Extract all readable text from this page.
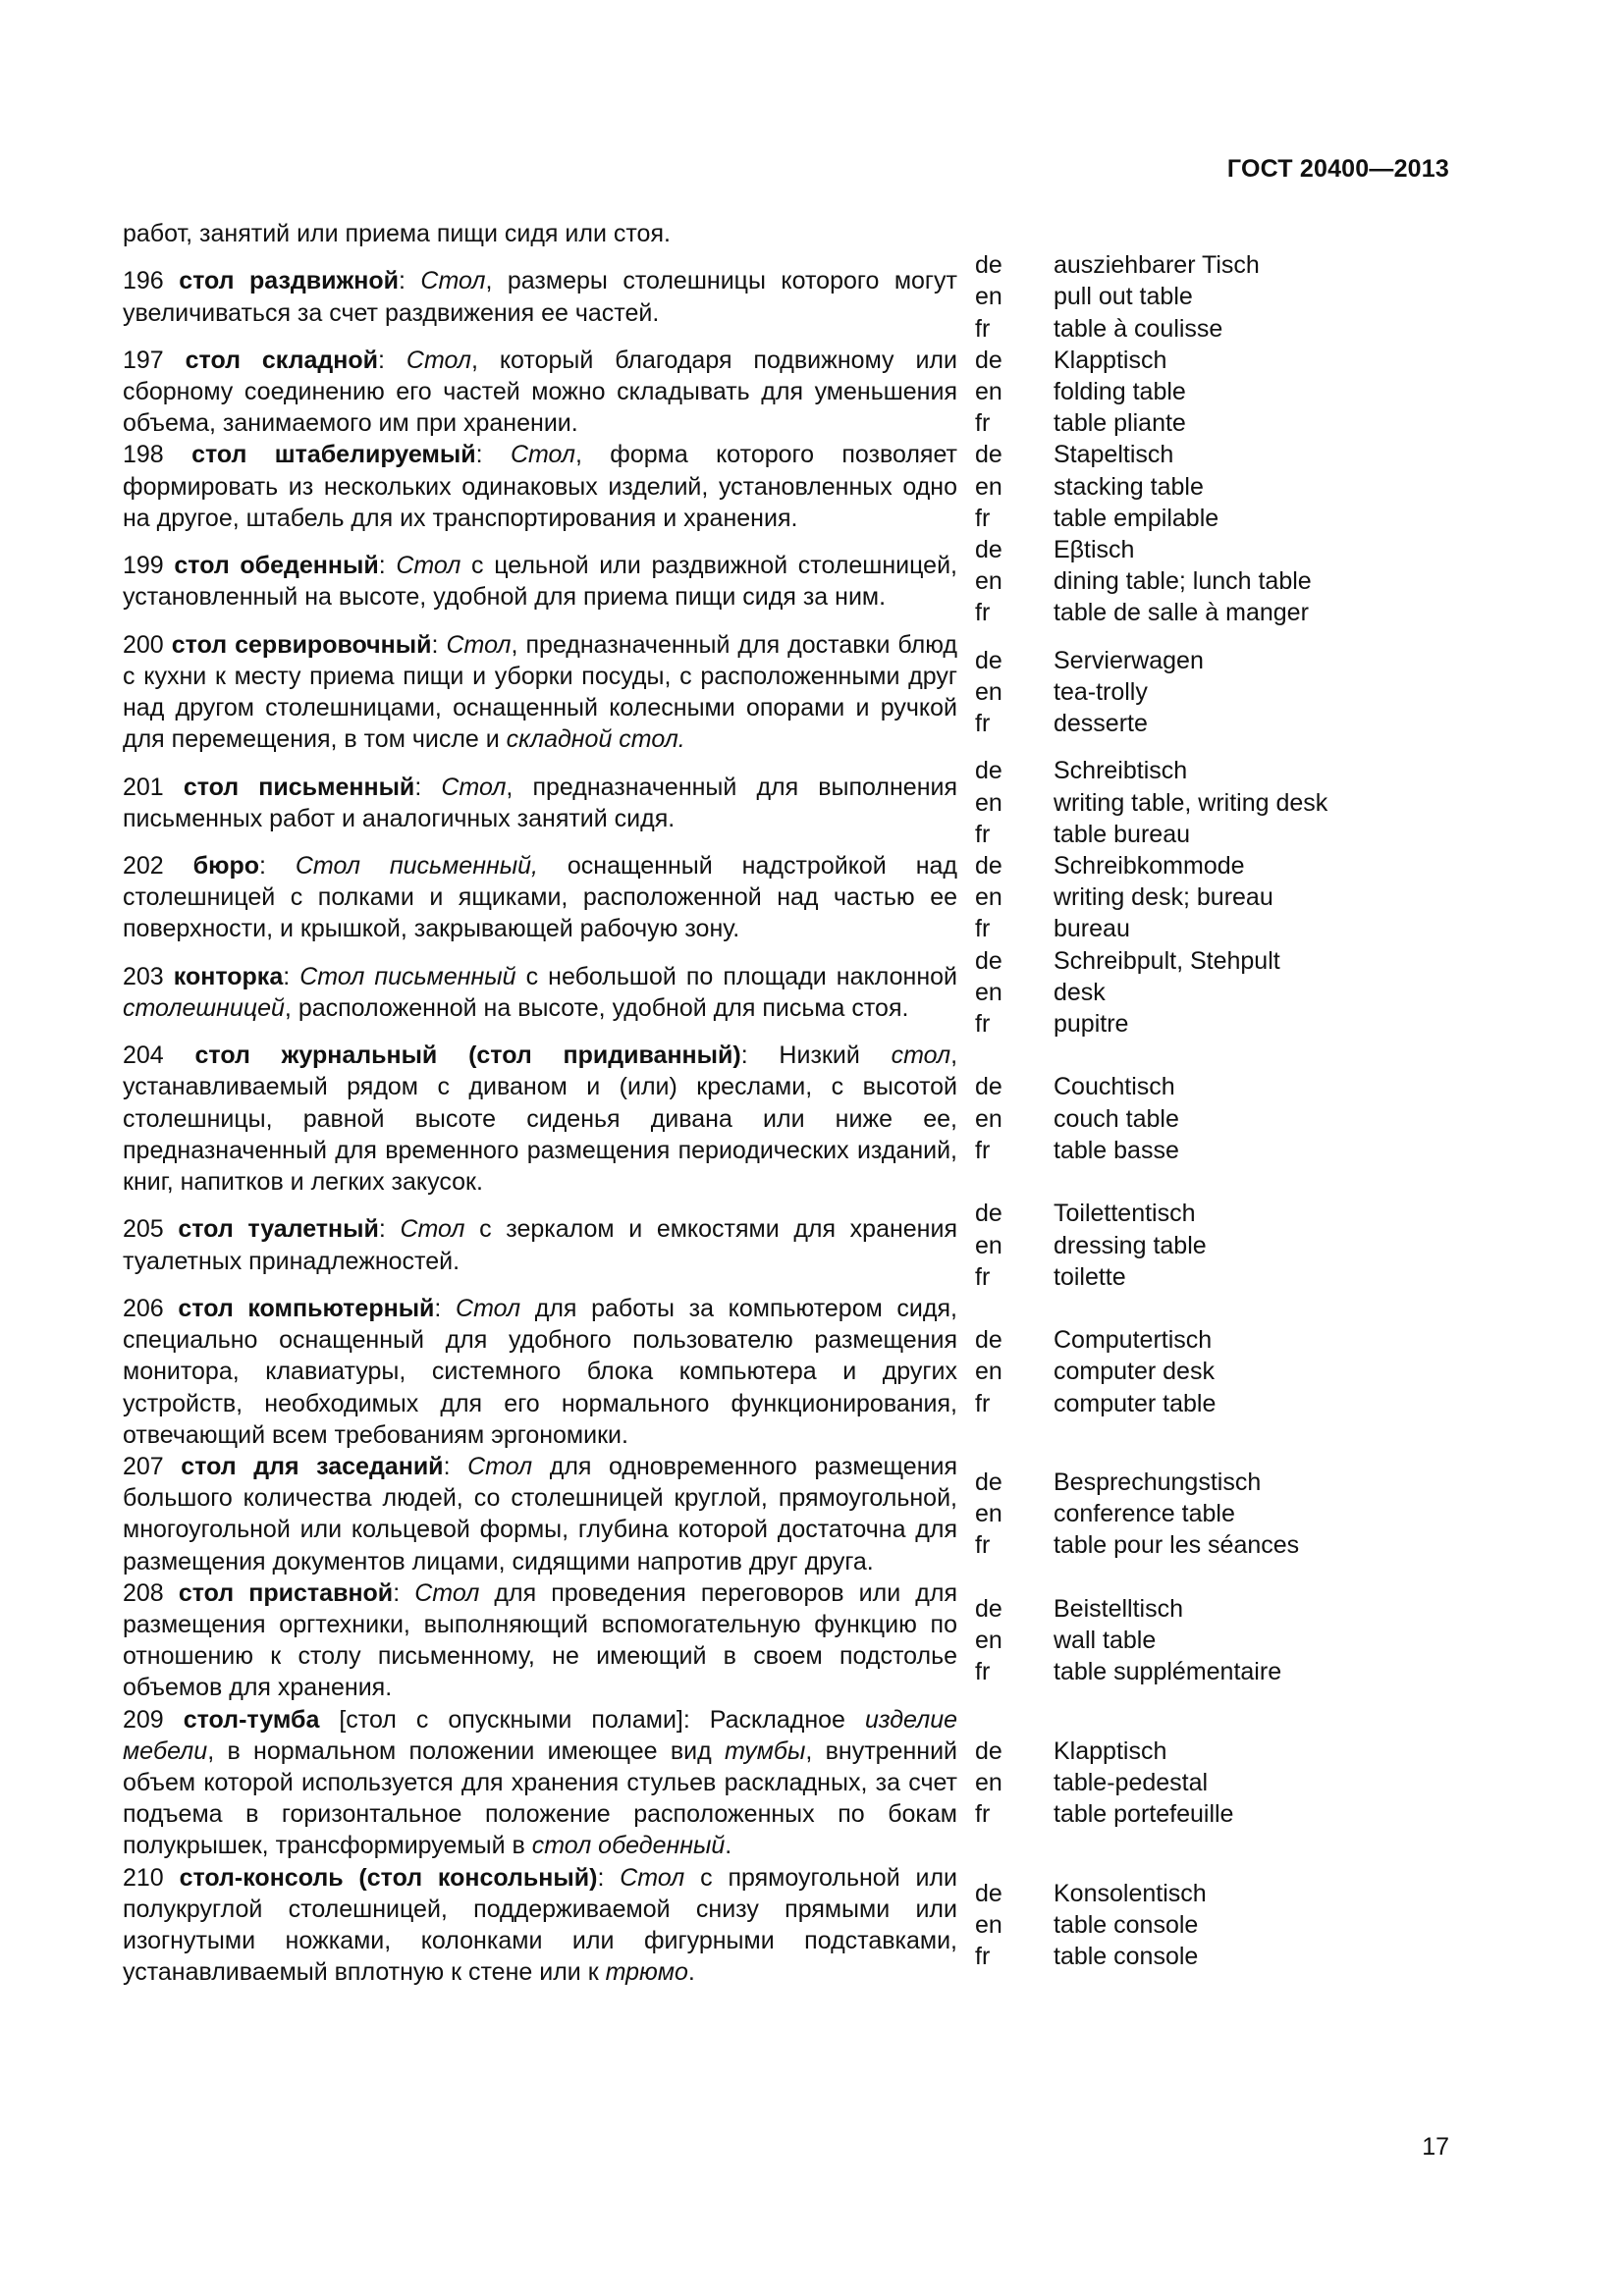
ГОСТ 20400—2013
работ, занятий или приема пищи сидя или стоя.
196 стол раздвижной: Стол, размеры столешницы которого могут увеличиваться за счет раздвижения ее частей.
de
en
fr
ausziehbarer Tisch
pull out table
table à coulisse
197 стол складной: Стол, который благодаря подвижному или сборному соединению его частей можно складывать для уменьшения объема, занимаемого им при хранении.
de
en
fr
Klapptisch
folding table
table pliante
198 стол штабелируемый: Стол, форма которого позволяет формировать из нескольких одинаковых изделий, установленных одно на другое, штабель для их транспортирования и хранения.
de
en
fr
Stapeltisch
stacking table
table empilable
199 стол обеденный: Стол с цельной или раздвижной столешницей, установленный на высоте, удобной для приема пищи сидя за ним.
de
en
fr
Eβtisch
dining table; lunch table
table de salle à manger
200 стол сервировочный: Стол, предназначенный для доставки блюд с кухни к месту приема пищи и уборки посуды, с расположенными друг над другом столешницами, оснащенный колесными опорами и ручкой для перемещения, в том числе и складной стол.
de
en
fr
Servierwagen
tea-trolly
desserte
201 стол письменный: Стол, предназначенный для выполнения письменных работ и аналогичных занятий сидя.
de
en
fr
Schreibtisch
writing table, writing desk
table bureau
202 бюро: Стол письменный, оснащенный надстройкой над столешницей с полками и ящиками, расположенной над частью ее поверхности, и крышкой, закрывающей рабочую зону.
de
en
fr
Schreibkommode
writing desk; bureau
bureau
203 конторка: Стол письменный с небольшой по площади наклонной столешницей, расположенной на высоте, удобной для письма стоя.
de
en
fr
Schreibpult, Stehpult
desk
pupitre
204 стол журнальный (стол придиванный): Низкий стол, устанавливаемый рядом с диваном и (или) креслами, с высотой столешницы, равной высоте сиденья дивана или ниже ее, предназначенный для временного размещения периодических изданий, книг, напитков и легких закусок.
de
en
fr
Couchtisch
couch table
table basse
205 стол туалетный: Стол с зеркалом и емкостями для хранения туалетных принадлежностей.
de
en
fr
Toilettentisch
dressing table
toilette
206 стол компьютерный: Стол для работы за компьютером сидя, специально оснащенный для удобного пользователю размещения монитора, клавиатуры, системного блока компьютера и других устройств, необходимых для его нормального функционирования, отвечающий всем требованиям эргономики.
de
en
fr
Computertisch
computer desk
computer table
207 стол для заседаний: Стол для одновременного размещения большого количества людей, со столешницей круглой, прямоугольной, многоугольной или кольцевой формы, глубина которой достаточна для размещения документов лицами, сидящими напротив друг друга.
de
en
fr
Besprechungstisch
conference table
table pour les séances
208 стол приставной: Стол для проведения переговоров или для размещения оргтехники, выполняющий вспомогательную функцию по отношению к столу письменному, не имеющий в своем подстолье объемов для хранения.
de
en
fr
Beistelltisch
wall table
table supplémentaire
209 стол-тумба [стол с опускными полами]: Раскладное изделие мебели, в нормальном положении имеющее вид тумбы, внутренний объем которой используется для хранения стульев раскладных, за счет подъема в горизонтальное положение расположенных по бокам полукрышек, трансформируемый в стол обеденный.
de
en
fr
Klapptisch
table-pedestal
table portefeuille
210 стол-консоль (стол консольный): Стол с прямоугольной или полукруглой столешницей, поддерживаемой снизу прямыми или изогнутыми ножками, колонками или фигурными подставками, устанавливаемый вплотную к стене или к трюмо.
de
en
fr
Konsolentisch
table console
table console
17
